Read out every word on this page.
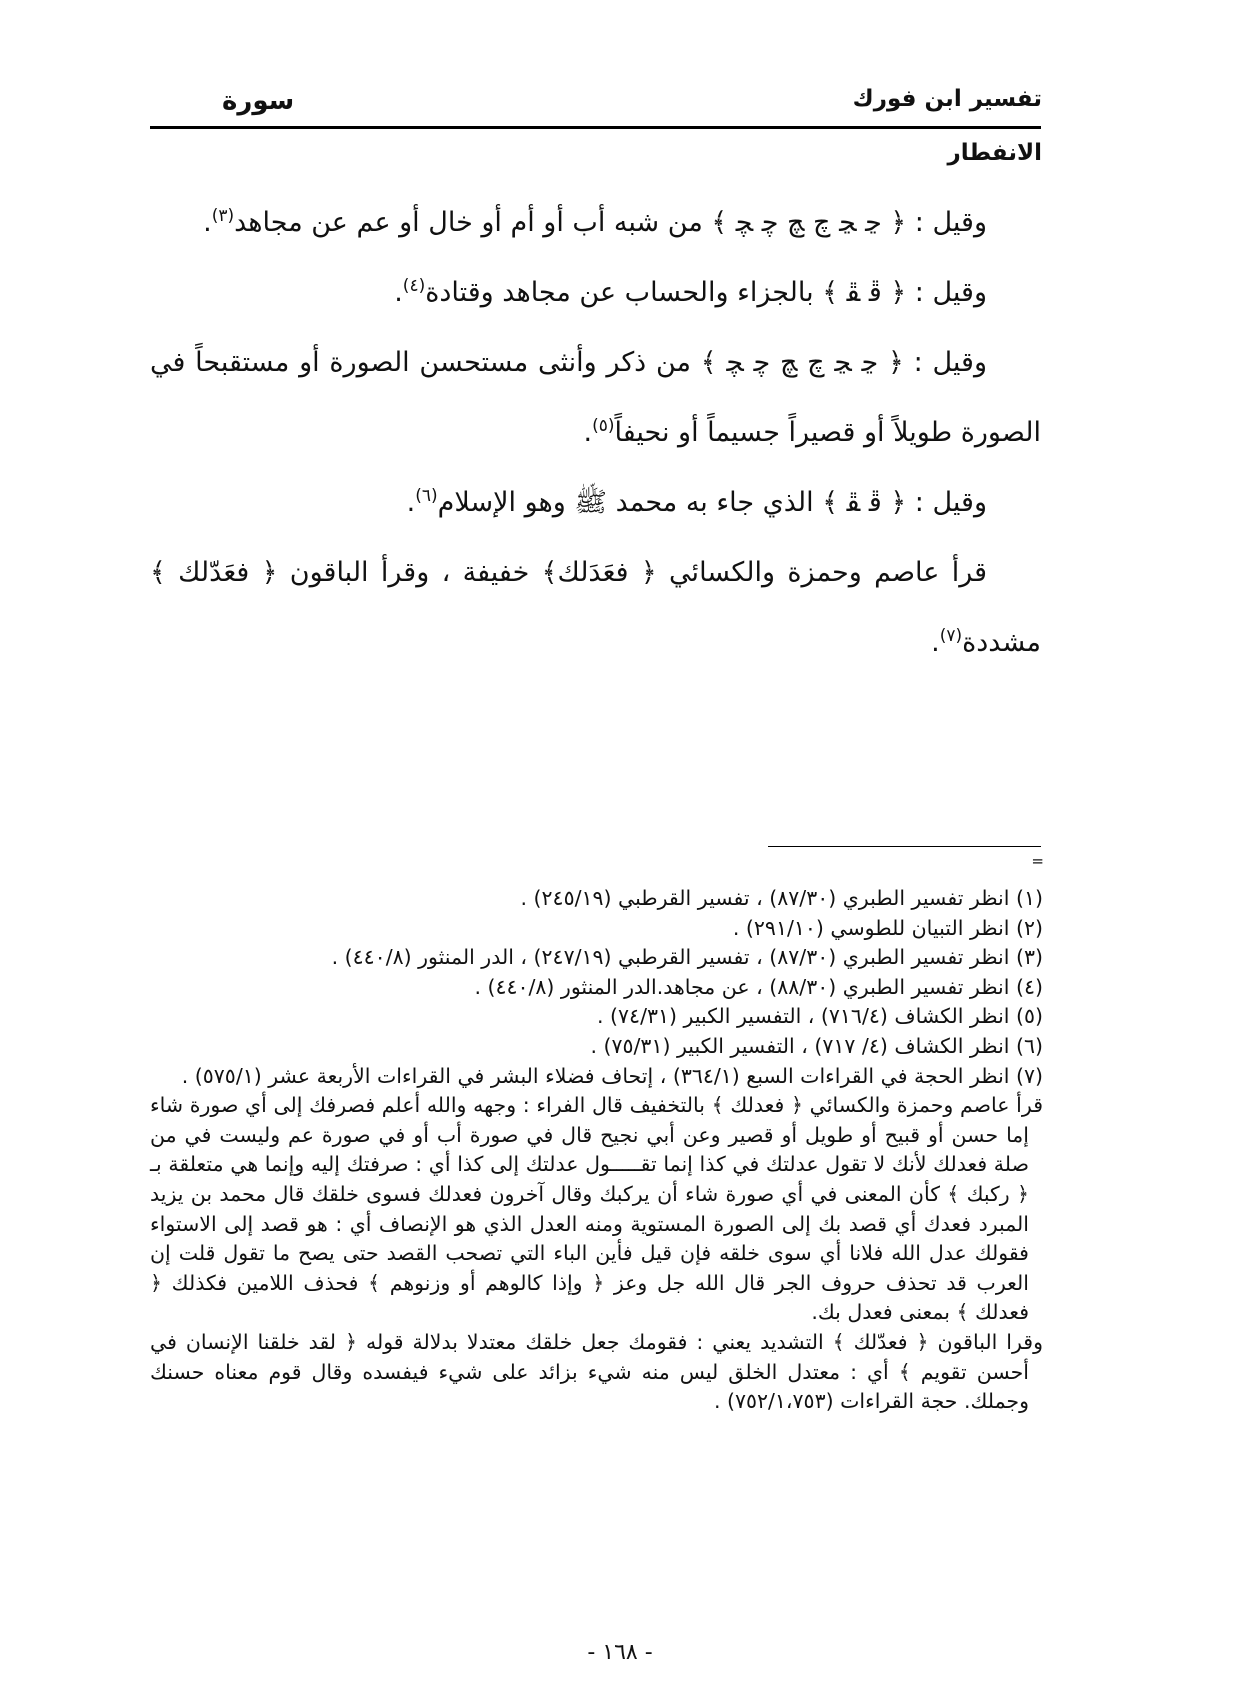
تفسير ابن فورك
سورة
الانفطار

وقيل : ﴿ ﭸ ﭹ ﭺ ﭻ ﭼ ﭽ ﴾ من شبه أب أو أم أو خال أو عم عن مجاهد$^{(٣)}$.

وقيل : ﴿ ﭰ ﭱ ﴾ بالجزاء والحساب عن مجاهد وقتادة$^{(٤)}$.

وقيل : ﴿ ﭸ ﭹ ﭺ ﭻ ﭼ ﭽ ﴾ من ذكر وأنثى مستحسن الصورة أو مستقبحاً في الصورة طويلاً أو قصيراً جسيماً أو نحيفاً$^{(٥)}$.

وقيل : ﴿ ﭰ ﭱ ﴾ الذي جاء به محمد ﷺ وهو الإسلام$^{(٦)}$.

قرأ عاصم وحمزة والكسائي ﴿ فعَدَلك﴾ خفيفة ، وقرأ الباقون ﴿ فعَدّلك ﴾ مشددة$^{(٧)}$.

=

(١) انظر تفسير الطبري (٨٧/٣٠) ، تفسير القرطبي (٢٤٥/١٩) .

(٢) انظر التبيان للطوسي (٢٩١/١٠) .

(٣) انظر تفسير الطبري (٨٧/٣٠) ، تفسير القرطبي (٢٤٧/١٩) ، الدر المنثور (٤٤٠/٨) .

(٤) انظر تفسير الطبري (٨٨/٣٠) ، عن مجاهد.الدر المنثور (٤٤٠/٨) .

(٥) انظر الكشاف (٧١٦/٤) ، التفسير الكبير (٧٤/٣١) .

(٦) انظر الكشاف (٤/ ٧١٧) ، التفسير الكبير (٧٥/٣١) .

(٧) انظر الحجة في القراءات السبع (٣٦٤/١) ، إتحاف فضلاء البشر في القراءات الأربعة عشر (٥٧٥/١) .

قرأ عاصم وحمزة والكسائي ﴿ فعدلك ﴾ بالتخفيف قال الفراء : وجهه والله أعلم فصرفك إلى أي صورة شاء إما حسن أو قبيح أو طويل أو قصير وعن أبي نجيح قال في صورة أب أو في صورة عم وليست في من صلة فعدلك لأنك لا تقول عدلتك في كذا إنما تقـــــول عدلتك إلى كذا أي : صرفتك إليه وإنما هي متعلقة بـ ﴿ ركبك ﴾ كأن المعنى في أي صورة شاء أن يركبك وقال آخرون فعدلك فسوى خلقك قال محمد بن يزيد المبرد فعدك أي قصد بك إلى الصورة المستوية ومنه العدل الذي هو الإنصاف أي : هو قصد إلى الاستواء فقولك عدل الله فلانا أي سوى خلقه فإن قيل فأين الباء التي تصحب القصد حتى يصح ما تقول قلت إن العرب قد تحذف حروف الجر قال الله جل وعز ﴿ وإذا كالوهم أو وزنوهم ﴾ فحذف اللامين فكذلك ﴿ فعدلك ﴾ بمعنى فعدل بك.

وقرا الباقون ﴿ فعدّلك ﴾ التشديد يعني : فقومك جعل خلقك معتدلا بدلالة قوله ﴿ لقد خلقنا الإنسان في أحسن تقويم ﴾ أي : معتدل الخلق ليس منه شيء بزائد على شيء فيفسده وقال قوم معناه حسنك وجملك. حجة القراءات (٧٥٢/١،٧٥٣) .

- ١٦٨ -
